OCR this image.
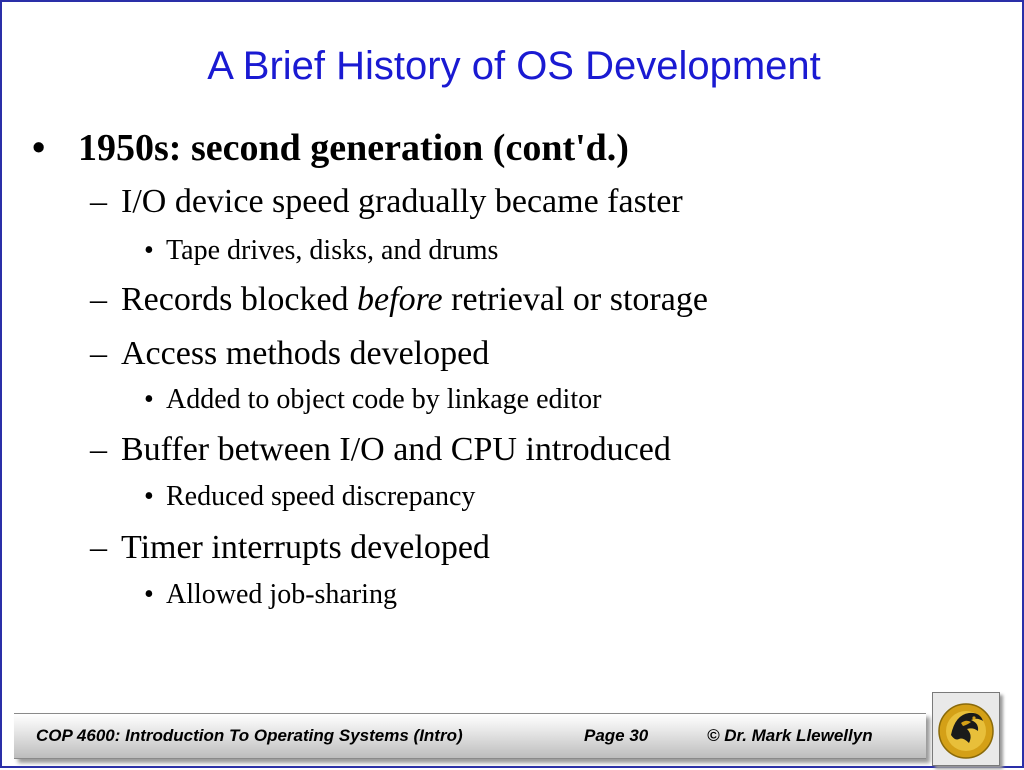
A Brief History of OS Development
• 1950s: second generation (cont'd.)
– I/O device speed gradually became faster
• Tape drives, disks, and drums
– Records blocked before retrieval or storage
– Access methods developed
• Added to object code by linkage editor
– Buffer between I/O and CPU introduced
• Reduced speed discrepancy
– Timer interrupts developed
• Allowed job-sharing
COP 4600: Introduction To Operating Systems (Intro)	Page 30	© Dr. Mark Llewellyn
